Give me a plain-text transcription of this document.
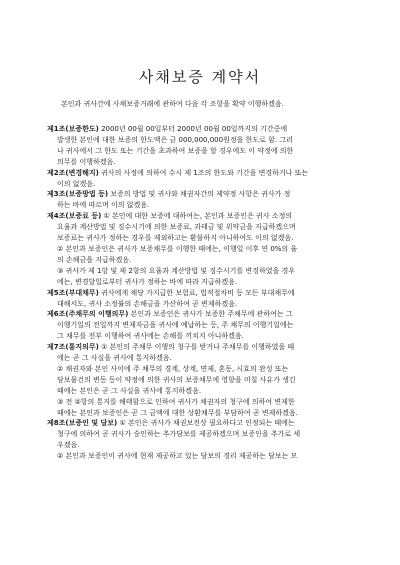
사채보증 계약서
본인과 귀사간에 사채보증거래에 관하여 다음 각 조항을 확약 이행하겠음.
제1조(보증한도) 2000년 00월 00일부터 2000년 00월 00일까지의 기간중에
발생한 본인에 대한 보증의 한도액은 금 000,000,000원정을 한도로 함. 그러
나 귀사에서 그 한도 또는 기간을 초과하여 보증을 할 경우에도 이 약정에 의한
의무를 이행하겠음.
제2조(변경해지) 귀사의 사정에 의하여 수시 제 1조의 한도와 기간을 변경하거나 또는
이의 없겠음.
제3조(보증방법 등) 보증의 방법 및 귀사와 채권자간의 제약정 사항은 귀사가 정
하는 바에 따르며 이의 없겠음.
제4조(보증료 등) ① 본인에 대한 보증에 대하여는, 본인과 보증인은 귀사 소정의
요율과 계산방법 및 징수시기에 의한 보증료, 과태금 및 위약금을 지급하겠으며
보증료는 귀사가 정하는 경우를 제외하고는 환불하지 아니하여도 이의 없겠음.
② 본인과 보증인은 귀사가 보증채무를 이행한 때에는, 이행일 이후 연 0%의 율
의 손해금을 지급하겠음.
③ 귀사가 제 1항 및 제 2항의 요율과 계산방법 및 징수시기를 변경하였을 경우
에는, 변경달일로부터 귀사가 정하는 바에 따라 지급하겠음.
제5조(부대채무) 귀사에게 채당 가지급한 보험료, 법적절차비 등 모든 부대채무에
대해서도, 귀사 소정률의 손해금을 가산하여 곧 변제하겠음.
제6조(주채무의 이행의무) 본인과 보증인은 귀사가 보증한 주채무에 관하여는 그
이행기일의 전일까지 변제자금을 귀사에 예납하는 등, 주 채무의 이행기일에는
그 채무를 전부 이행하여 귀사에는 손해를 끼치지 아니하겠음.
제7조(통지의무) ① 본인의 주채무 이행의 청구를 받거나 주채무를 이행하였을 때
에는 곧 그 사실을 귀사에 통지하겠음.
② 채권자와 본인 사이에 주 채무의 경계, 상계, 면제, 혼동, 시효의 완성 또는
담보물건의 변동 등이 약정에 의한 귀사의 보증채무에 영향을 미칠 사유가 생긴
때에는 본인은 곧 그 사실을 귀사에 통지하겠음.
③ 전 ②항의 통지를 해태함으로 인하여 귀사가 채권자의 청구에 의하여 변제한
때에는 본인과 보증인은 곧 그 금액에 대한 상환채무를 부담하여 곧 변제하겠음.
제8조(보증인 및 담보) ① 본인은 귀사가 채권보전상 필요하다고 인정되는 때에는
청구에 의하여 곧 귀사가 승인하는 추가담보를 제공하겠으며 보증인을 추가로 세
우겠음.
② 본인과 보증인이 귀사에 현재 제공하고 있는 담보의 경리 제공하는 담보는 모
